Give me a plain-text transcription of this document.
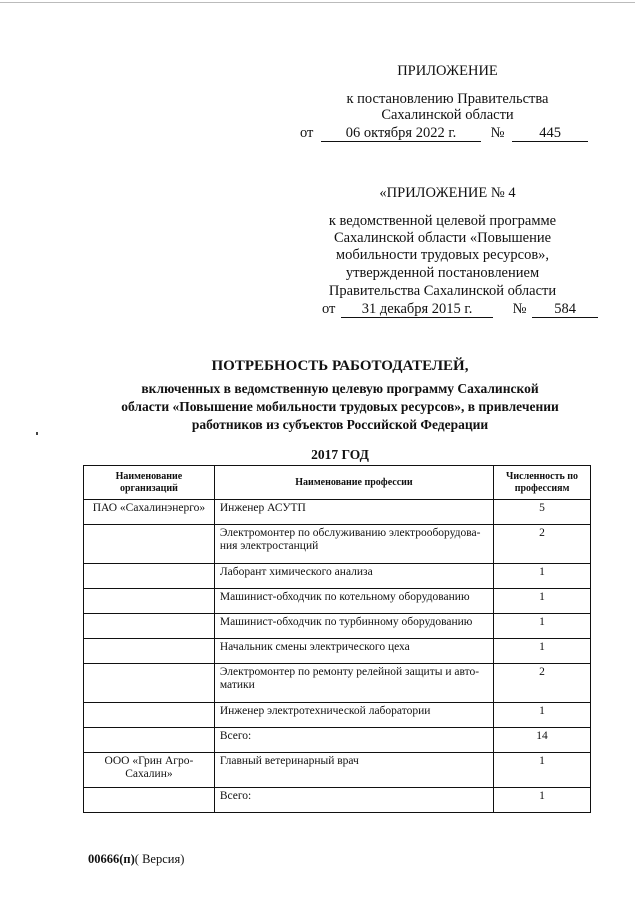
ПРИЛОЖЕНИЕ
к постановлению Правительства
Сахалинской области
от 06 октября 2022 г. № 445
«ПРИЛОЖЕНИЕ № 4
к ведомственной целевой программе
Сахалинской области «Повышение
мобильности трудовых ресурсов»,
утвержденной постановлением
Правительства Сахалинской области
от 31 декабря 2015 г.	№ 584
ПОТРЕБНОСТЬ РАБОТОДАТЕЛЕЙ,
включенных в ведомственную целевую программу Сахалинской
области «Повышение мобильности трудовых ресурсов», в привлечении
работников из субъектов Российской Федерации
2017 ГОД
Наименование организаций	Наименование профессии	Численность по профессиям
ПАО «Сахалинэнерго»	Инженер АСУТП	5
	Электромонтер по обслуживанию электрооборудова-ния электростанций	2
	Лаборант химического анализа	1
	Машинист-обходчик по котельному оборудованию	1
	Машинист-обходчик по турбинному оборудованию	1
	Начальник смены электрического цеха	1
	Электромонтер по ремонту релейной защиты и авто-матики	2
	Инженер электротехнической лаборатории	1
	Всего:	14
ООО «Грин Агро-Сахалин»	Главный ветеринарный врач	1
	Всего:	1
00666(п)( Версия)
